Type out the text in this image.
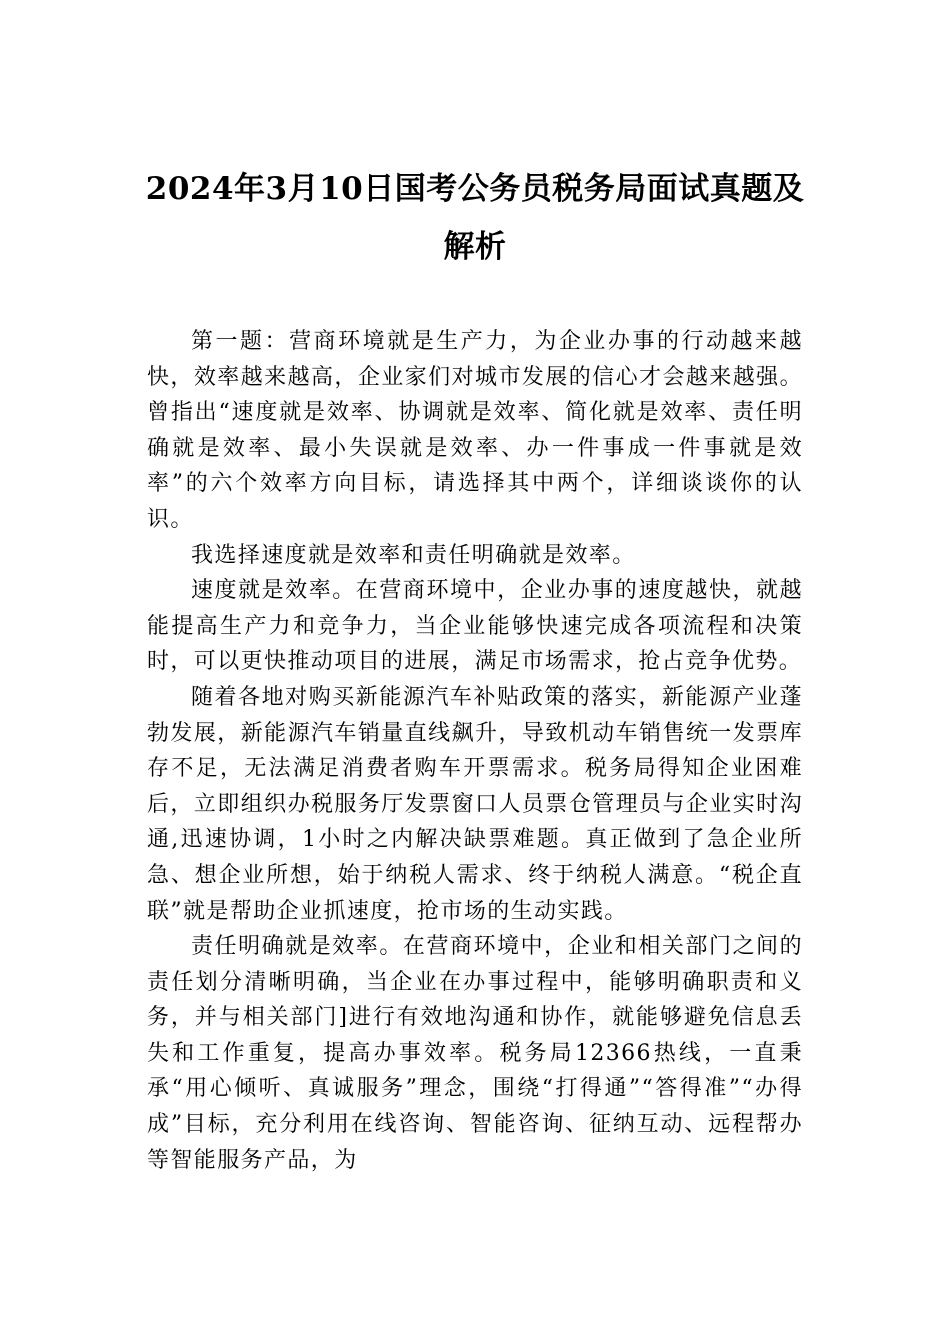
2024年3月10日国考公务员税务局面试真题及解析

第一题：营商环境就是生产力，为企业办事的行动越来越快，效率越来越高，企业家们对城市发展的信心才会越来越强。曾指出“速度就是效率、协调就是效率、简化就是效率、责任明确就是效率、最小失误就是效率、办一件事成一件事就是效率”的六个效率方向目标，请选择其中两个，详细谈谈你的认识。

我选择速度就是效率和责任明确就是效率。

速度就是效率。在营商环境中，企业办事的速度越快，就越能提高生产力和竞争力，当企业能够快速完成各项流程和决策时，可以更快推动项目的进展，满足市场需求，抢占竞争优势。

随着各地对购买新能源汽车补贴政策的落实，新能源产业蓬勃发展，新能源汽车销量直线飙升，导致机动车销售统一发票库存不足，无法满足消费者购车开票需求。税务局得知企业困难后，立即组织办税服务厅发票窗口人员票仓管理员与企业实时沟通,迅速协调，1小时之内解决缺票难题。真正做到了急企业所急、想企业所想，始于纳税人需求、终于纳税人满意。“税企直联”就是帮助企业抓速度，抢市场的生动实践。

责任明确就是效率。在营商环境中，企业和相关部门之间的责任划分清晰明确，当企业在办事过程中，能够明确职责和义务，并与相关部门]进行有效地沟通和协作，就能够避免信息丢失和工作重复，提高办事效率。税务局12366热线，一直秉承“用心倾听、真诚服务”理念，围绕“打得通”“答得准”“办得成”目标，充分利用在线咨询、智能咨询、征纳互动、远程帮办等智能服务产品，为
